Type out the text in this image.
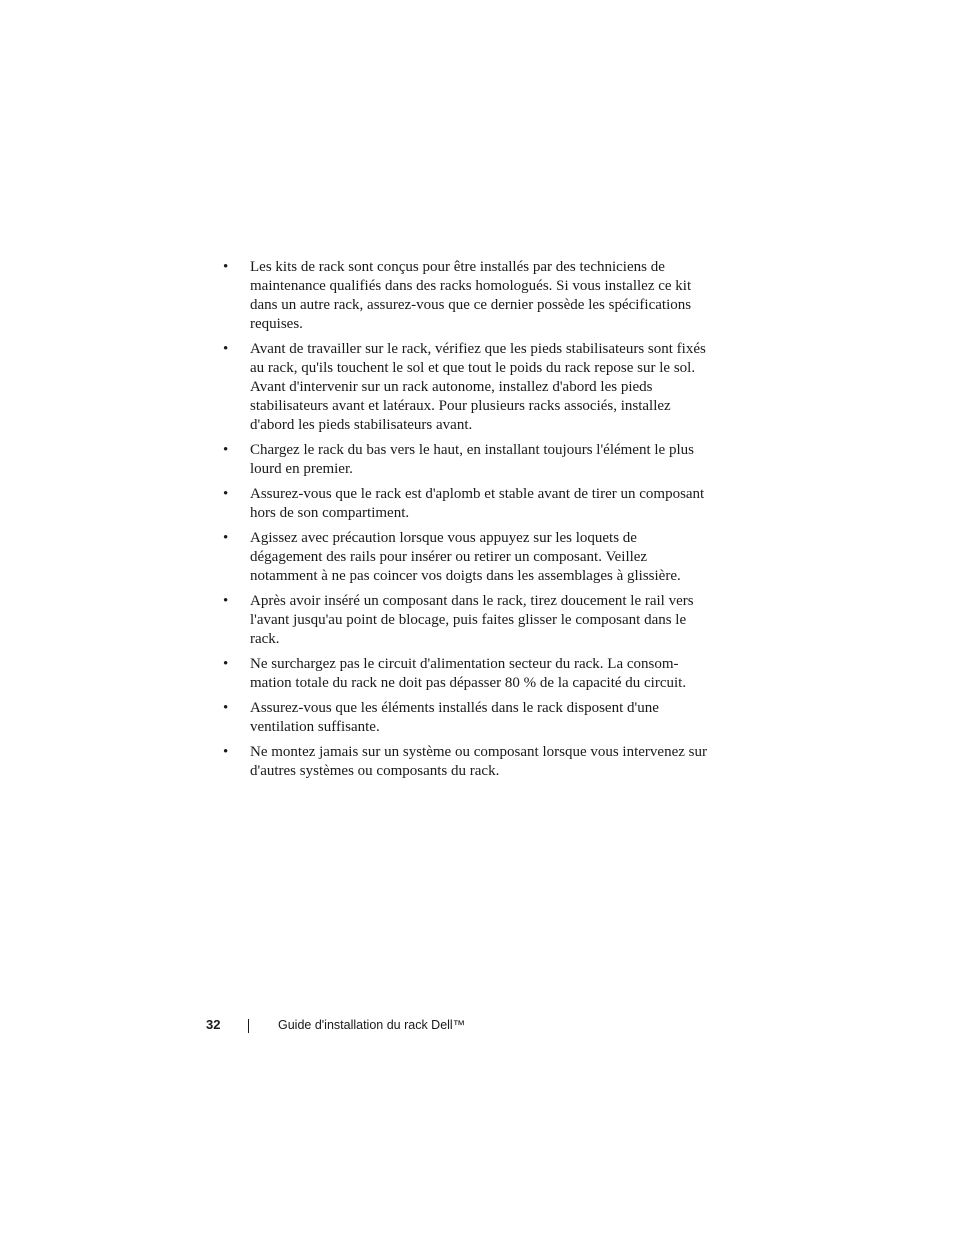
•	Les kits de rack sont conçus pour être installés par des techniciens de maintenance qualifiés dans des racks homologués. Si vous installez ce kit dans un autre rack, assurez-vous que ce dernier possède les spécifications requises.
•	Avant de travailler sur le rack, vérifiez que les pieds stabilisateurs sont fixés au rack, qu'ils touchent le sol et que tout le poids du rack repose sur le sol. Avant d'intervenir sur un rack autonome, installez d'abord les pieds stabilisateurs avant et latéraux. Pour plusieurs racks associés, installez d'abord les pieds stabilisateurs avant.
•	Chargez le rack du bas vers le haut, en installant toujours l'élément le plus lourd en premier.
•	Assurez-vous que le rack est d'aplomb et stable avant de tirer un composant hors de son compartiment.
•	Agissez avec précaution lorsque vous appuyez sur les loquets de dégagement des rails pour insérer ou retirer un composant. Veillez notamment à ne pas coincer vos doigts dans les assemblages à glissière.
•	Après avoir inséré un composant dans le rack, tirez doucement le rail vers l'avant jusqu'au point de blocage, puis faites glisser le composant dans le rack.
•	Ne surchargez pas le circuit d'alimentation secteur du rack. La consom-mation totale du rack ne doit pas dépasser 80 % de la capacité du circuit.
•	Assurez-vous que les éléments installés dans le rack disposent d'une ventilation suffisante.
•	Ne montez jamais sur un système ou composant lorsque vous intervenez sur d'autres systèmes ou composants du rack.
32	Guide d'installation du rack Dell™
